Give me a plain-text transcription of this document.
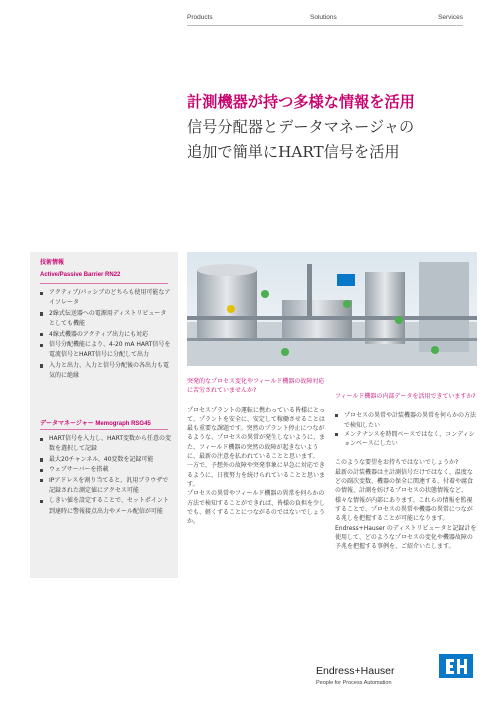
Products	Solutions	Services
計測機器が持つ多様な情報を活用
信号分配器とデータマネージャの
追加で簡単にHART信号を活用
技術情報
Active/Passive Barrier RN22
アクティブ/パッシブのどちらも使用可能なアイソレータ
2線式伝送器への電源用ディストリビュータとしても機能
4線式機器のアクティブ出力にも対応
信号分配機能により、4-20 mA HART信号を電流信号とHART信号に分配して出力
入力と出力、入力と信号分配後の各出力も電気的に絶縁
データマネージャー Memograph RSG45
HART信号を入力し、HART変数から任意の変数を選択して記録
最大20チャンネル、40変数を記録可能
ウェブサーバーを搭載
IPアドレスを割り当てると、汎用ブラウザで記録された測定値にアクセス可能
しきい値を設定することで、セットポイント到達時に警報接点出力やメール配信が可能
突発的なプロセス変化やフィールド機器の故障対応に苦労されていませんか?

プロセスプラントの運転に携わっている皆様にとって、プラントを安全に、安定して稼働させることは最も重要な課題です。突然のプラント停止につながるような、プロセスの異常が発生しないように、また、フィールド機器の突然の故障が起きないように、最新の注意を払われていることと思います。

一方で、予想外の故障や突発事象に早急に対応できるように、日夜努力を続けられていることと思います。

プロセスの異常やフィールド機器の異常を何らかの方法で検知することができれば、皆様の負担を少しでも、軽くすることにつながるのではないでしょうか。

フィールド機器の内部データを活用できていますか?
プロセスの異常や計装機器の異常を何らかの方法で検知したい
メンテナンスを時間ベースではなく、コンディションベースにしたい

このような要望をお持ちではないでしょうか?

最新の計装機器は主計測信号だけではなく、温度などの副次変数、機器の保全に関連する、付着や腐食の情報、計測を妨げるプロセスの状態情報など、様々な情報が内部にあります。これらの情報を監視することで、プロセスの異常や機器の異常につながる兆しを把握することが可能になります。Endress+Hauser のディストリビュータと記録計を使用して、どのようなプロセスの変化や機器故障の予兆を把握する事例を、ご紹介いたします。

Endress+Hauser
People for Process Automation
